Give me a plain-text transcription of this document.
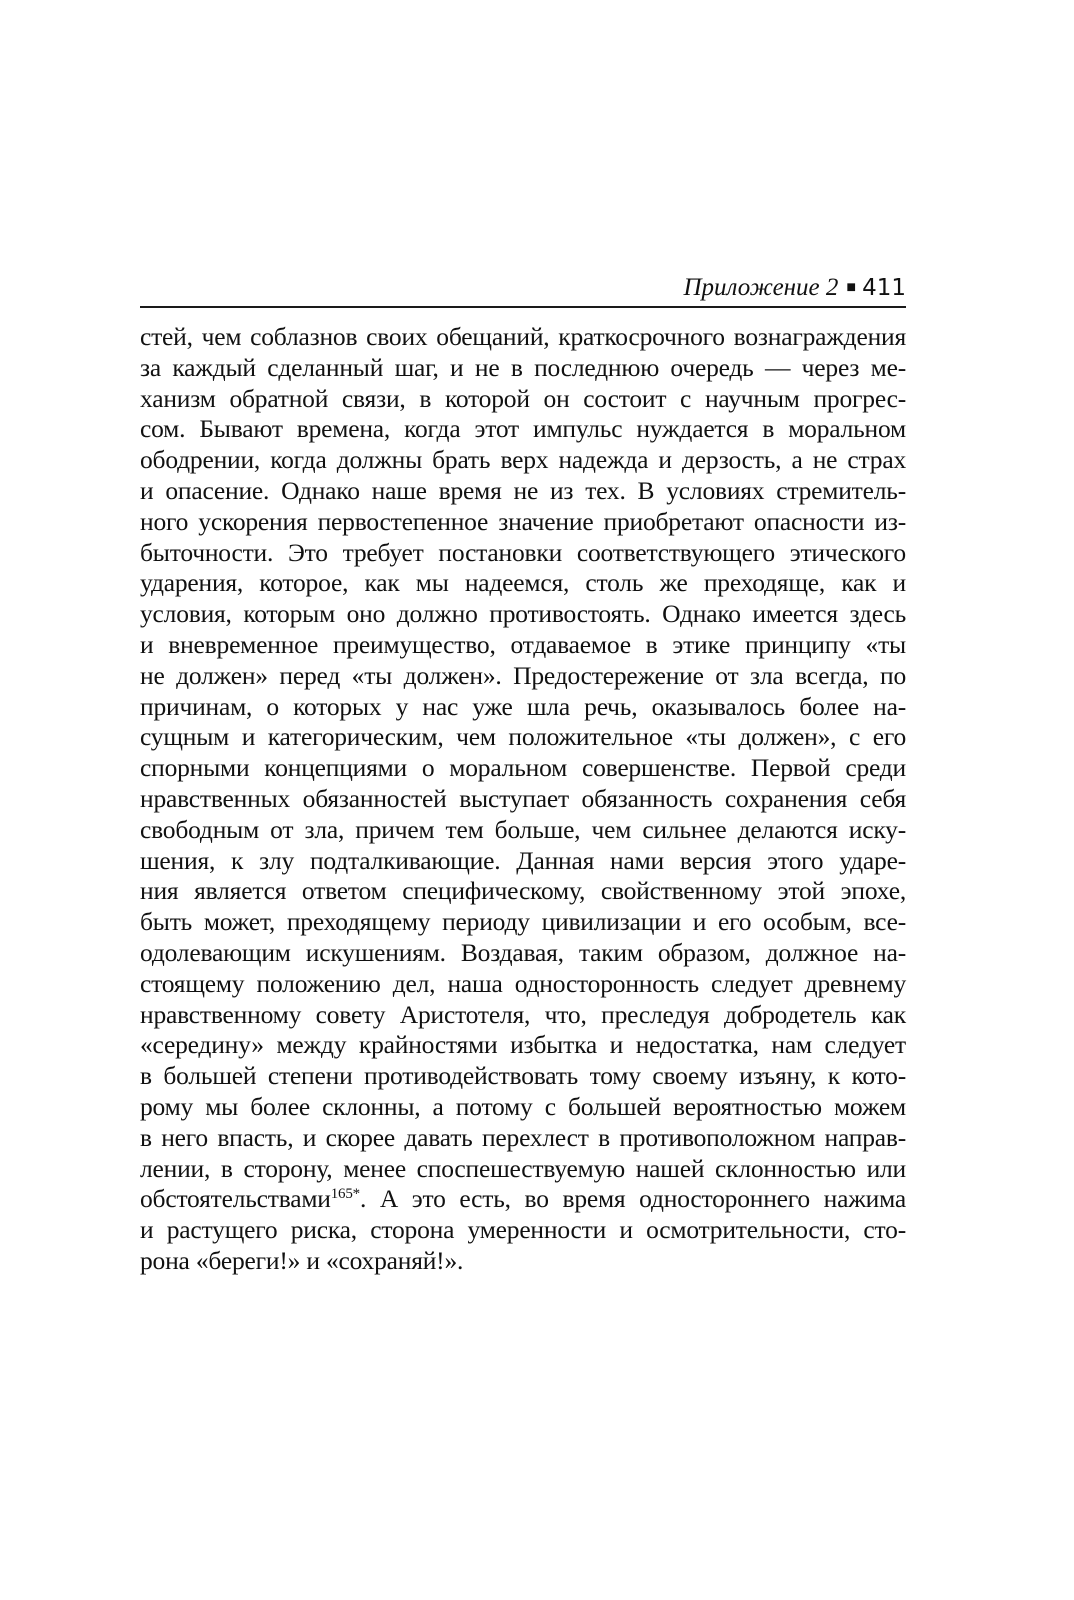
Приложение 2 ■ 411
стей, чем соблазнов своих обещаний, краткосрочного вознаграждения
за каждый сделанный шаг, и не в последнюю очередь — через ме-
ханизм обратной связи, в которой он состоит с научным прогрес-
сом. Бывают времена, когда этот импульс нуждается в моральном
ободрении, когда должны брать верх надежда и дерзость, а не страх
и опасение. Однако наше время не из тех. В условиях стремитель-
ного ускорения первостепенное значение приобретают опасности из-
быточности. Это требует постановки соответствующего этического
ударения, которое, как мы надеемся, столь же преходяще, как и
условия, которым оно должно противостоять. Однако имеется здесь
и вневременное преимущество, отдаваемое в этике принципу «ты
не должен» перед «ты должен». Предостережение от зла всегда, по
причинам, о которых у нас уже шла речь, оказывалось более на-
сущным и категорическим, чем положительное «ты должен», с его
спорными концепциями о моральном совершенстве. Первой среди
нравственных обязанностей выступает обязанность сохранения себя
свободным от зла, причем тем больше, чем сильнее делаются иску-
шения, к злу подталкивающие. Данная нами версия этого ударе-
ния является ответом специфическому, свойственному этой эпохе,
быть может, преходящему периоду цивилизации и его особым, все-
одолевающим искушениям. Воздавая, таким образом, должное на-
стоящему положению дел, наша односторонность следует древнему
нравственному совету Аристотеля, что, преследуя добродетель как
«середину» между крайностями избытка и недостатка, нам следует
в большей степени противодействовать тому своему изъяну, к кото-
рому мы более склонны, а потому с большей вероятностью можем
в него впасть, и скорее давать перехлест в противоположном направ-
лении, в сторону, менее споспешествуемую нашей склонностью или
обстоятельствами$^{165*}$. А это есть, во время одностороннего нажима
и растущего риска, сторона умеренности и осмотрительности, сто-
рона «береги!» и «сохраняй!».
